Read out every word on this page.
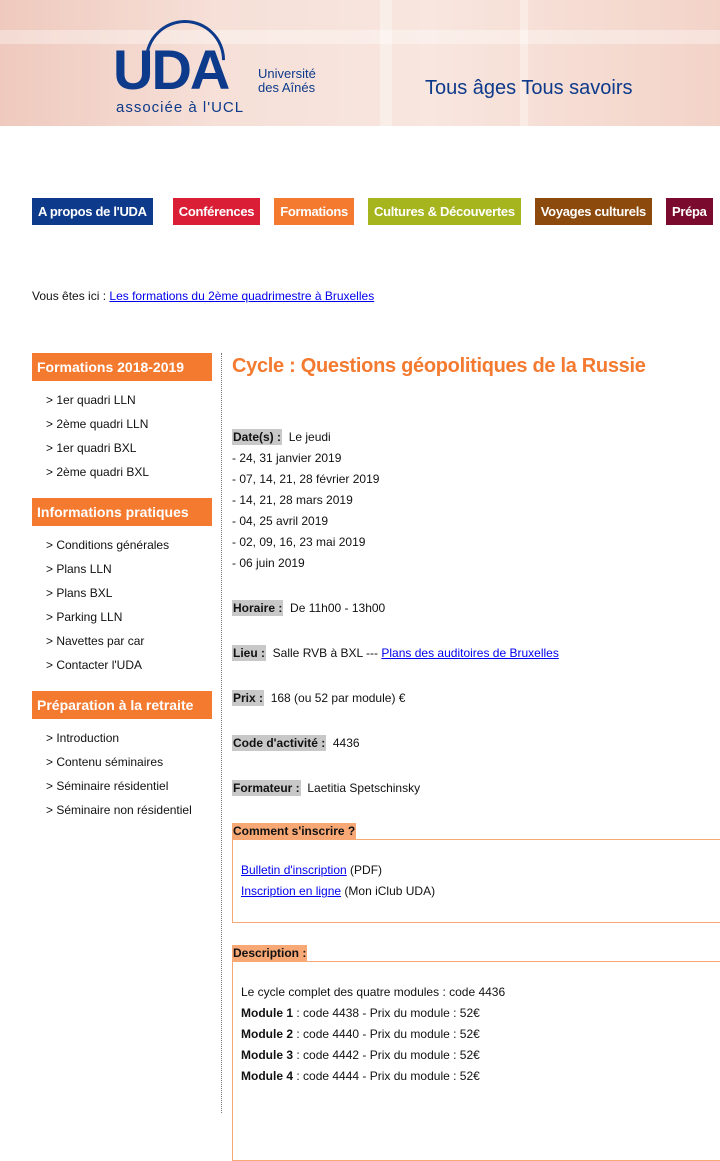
UDA Université
des Aînés
associée à l'UCL
Tous âges Tous savoirs
A propos de l'UDA	Conférences	Formations	Cultures & Découvertes	Voyages culturels	Prépa
Vous êtes ici : Les formations du 2ème quadrimestre à Bruxelles
Formations 2018-2019
> 1er quadri LLN
> 2ème quadri LLN
> 1er quadri BXL
> 2ème quadri BXL
Informations pratiques
> Conditions générales
> Plans LLN
> Plans BXL
> Parking LLN
> Navettes par car
> Contacter l'UDA
Préparation à la retraite
> Introduction
> Contenu séminaires
> Séminaire résidentiel
> Séminaire non résidentiel
Cycle : Questions géopolitiques de la Russie
Date(s) : Le jeudi
- 24, 31 janvier 2019
- 07, 14, 21, 28 février 2019
- 14, 21, 28 mars 2019
- 04, 25 avril 2019
- 02, 09, 16, 23 mai 2019
- 06 juin 2019
Horaire : De 11h00 - 13h00
Lieu : Salle RVB à BXL --- Plans des auditoires de Bruxelles
Prix : 168 (ou 52 par module) €
Code d'activité : 4436
Formateur : Laetitia Spetschinsky
Comment s'inscrire ?
Bulletin d'inscription (PDF)
Inscription en ligne (Mon iClub UDA)
Description :
Le cycle complet des quatre modules : code 4436
Module 1 : code 4438 - Prix du module : 52€
Module 2 : code 4440 - Prix du module : 52€
Module 3 : code 4442 - Prix du module : 52€
Module 4 : code 4444 - Prix du module : 52€
